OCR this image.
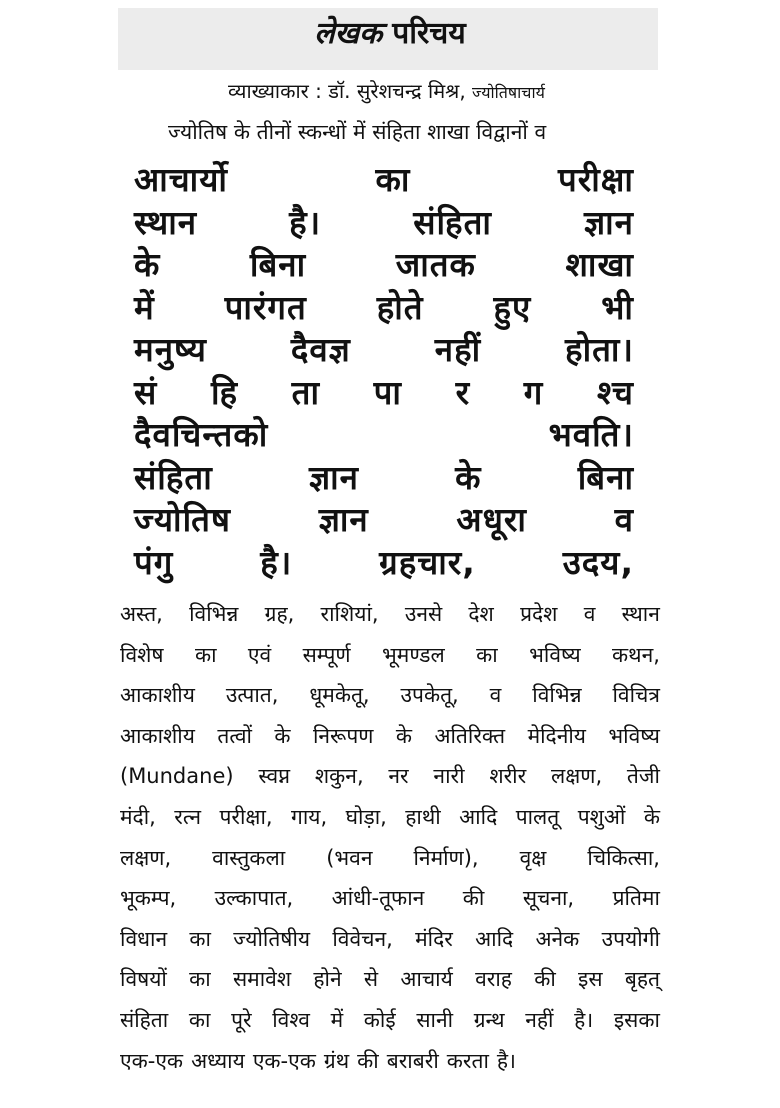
लेखक परिचय
व्याख्याकार : डॉ. सुरेशचन्द्र मिश्र, ज्योतिषाचार्य
ज्योतिष के तीनों स्कन्धों में संहिता शाखा विद्वानों व
आचार्यो	का	परीक्षा
स्थान	है।	संहिता	ज्ञान
के	बिना	जातक	शाखा
में पारंगत होते हुए भी
मनुष्य	दैवज्ञ	नहीं	होता।
सं हि ता पा र ग श्च
दैवचिन्तको	भवति।
संहिता	ज्ञान	के	बिना
ज्योतिष	ज्ञान	अधूरा	व
पंगु	है।	ग्रहचार,	उदय,
अस्त, विभिन्न ग्रह, राशियां, उनसे देश प्रदेश व स्थान
विशेष का एवं सम्पूर्ण भूमण्डल का भविष्य कथन,
आकाशीय उत्पात, धूमकेतू, उपकेतू, व विभिन्न विचित्र
आकाशीय तत्वों के निरूपण के अतिरिक्त मेदिनीय भविष्य
(Mundane) स्वप्न शकुन, नर नारी शरीर लक्षण, तेजी
मंदी, रत्न परीक्षा, गाय, घोड़ा, हाथी आदि पालतू पशुओं के
लक्षण, वास्तुकला (भवन निर्माण), वृक्ष चिकित्सा,
भूकम्प, उल्कापात, आंधी-तूफान की सूचना, प्रतिमा
विधान का ज्योतिषीय विवेचन, मंदिर आदि अनेक उपयोगी
विषयों का समावेश होने से आचार्य वराह की इस बृहत्
संहिता का पूरे विश्व में कोई सानी ग्रन्थ नहीं है। इसका
एक-एक अध्याय एक-एक ग्रंथ की बराबरी करता है।
